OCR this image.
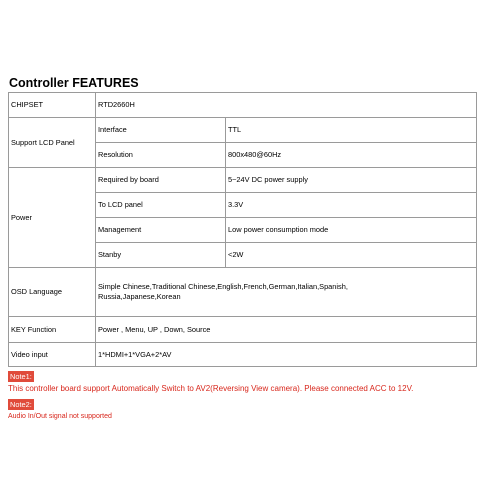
Controller FEATURES
CHIPSET	RTD2660H	
Support LCD Panel	Interface	TTL
	Resolution	800x480@60Hz
Power	Required by board	5~24V DC power supply
	To LCD panel	3.3V
	Management	Low power consumption mode
	Stanby	<2W
OSD Language	Simple Chinese,Traditional Chinese,English,French,German,Italian,Spanish,
Russia,Japanese,Korean	

KEY Function	Power , Menu, UP , Down, Source	
Video input	1*HDMI+1*VGA+2*AV	
Note1:
This controller board support Automatically Switch to AV2(Reversing View camera). Please connected ACC to 12V.
Note2:
Audio In/Out signal not supported
